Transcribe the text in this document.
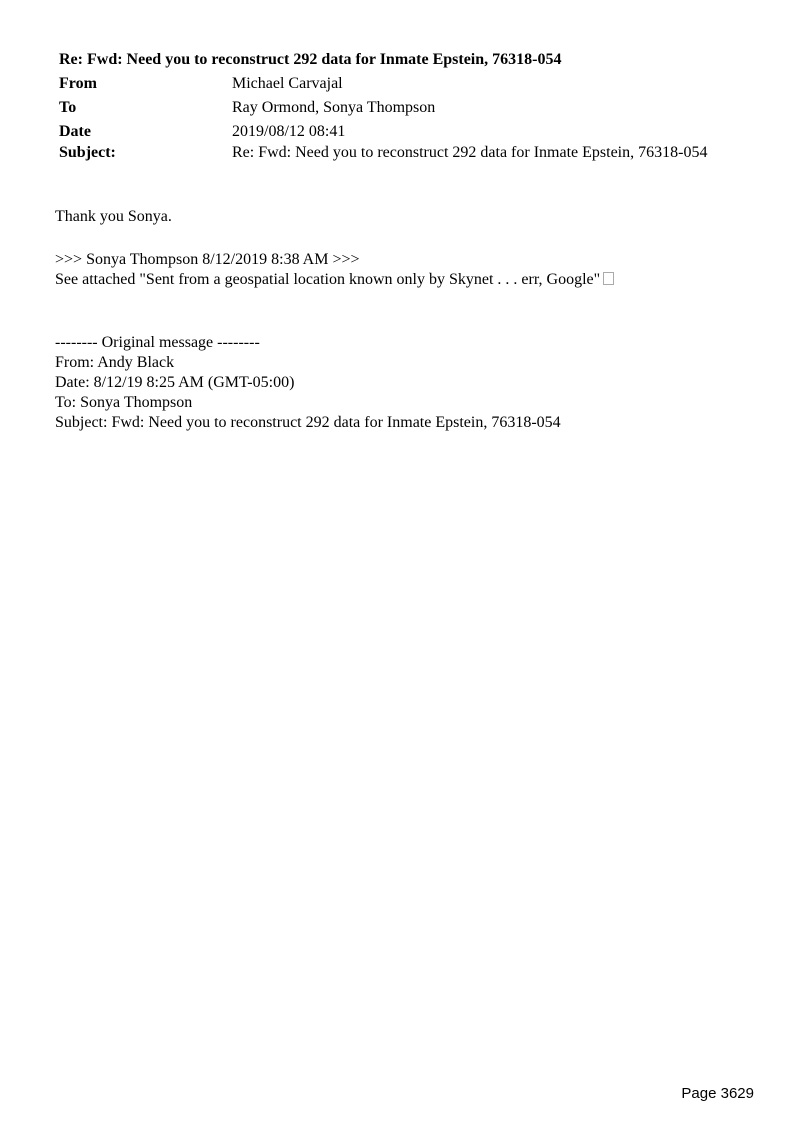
Re: Fwd: Need you to reconstruct 292 data for Inmate Epstein, 76318-054
From	Michael Carvajal
To	Ray Ormond, Sonya Thompson
Date	2019/08/12 08:41
Subject:	Re: Fwd: Need you to reconstruct 292 data for Inmate Epstein, 76318-054

Thank you Sonya.

>>> Sonya Thompson 8/12/2019 8:38 AM >>>

See attached "Sent from a geospatial location known only by Skynet . . . err, Google"

-------- Original message --------

From: Andy Black

Date: 8/12/19 8:25 AM (GMT-05:00)

To: Sonya Thompson

Subject: Fwd: Need you to reconstruct 292 data for Inmate Epstein, 76318-054

Page 3629
